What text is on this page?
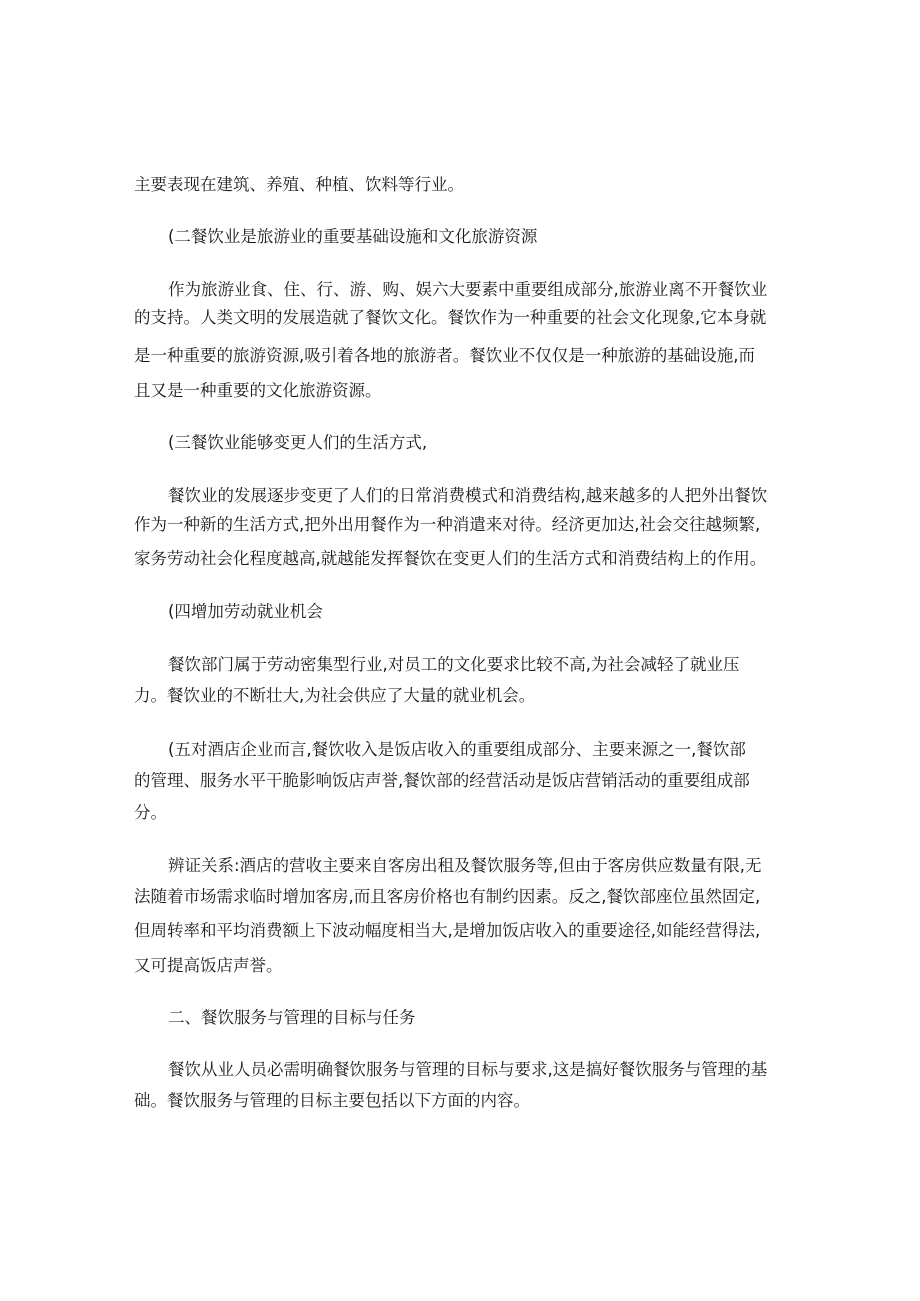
主要表现在建筑、养殖、种植、饮料等行业。
(二餐饮业是旅游业的重要基础设施和文化旅游资源
作为旅游业食、住、行、游、购、娱六大要素中重要组成部分,旅游业离不开餐饮业
的支持。人类文明的发展造就了餐饮文化。餐饮作为一种重要的社会文化现象,它本身就
是一种重要的旅游资源,吸引着各地的旅游者。餐饮业不仅仅是一种旅游的基础设施,而
且又是一种重要的文化旅游资源。
(三餐饮业能够变更人们的生活方式,
餐饮业的发展逐步变更了人们的日常消费模式和消费结构,越来越多的人把外出餐饮
作为一种新的生活方式,把外出用餐作为一种消遣来对待。经济更加达,社会交往越频繁,
家务劳动社会化程度越高,就越能发挥餐饮在变更人们的生活方式和消费结构上的作用。
(四增加劳动就业机会
餐饮部门属于劳动密集型行业,对员工的文化要求比较不高,为社会减轻了就业压
力。餐饮业的不断壮大,为社会供应了大量的就业机会。
(五对酒店企业而言,餐饮收入是饭店收入的重要组成部分、主要来源之一,餐饮部
的管理、服务水平干脆影响饭店声誉,餐饮部的经营活动是饭店营销活动的重要组成部
分。
辨证关系:酒店的营收主要来自客房出租及餐饮服务等,但由于客房供应数量有限,无
法随着市场需求临时增加客房,而且客房价格也有制约因素。反之,餐饮部座位虽然固定,
但周转率和平均消费额上下波动幅度相当大,是增加饭店收入的重要途径,如能经营得法,
又可提高饭店声誉。
二、餐饮服务与管理的目标与任务
餐饮从业人员必需明确餐饮服务与管理的目标与要求,这是搞好餐饮服务与管理的基
础。餐饮服务与管理的目标主要包括以下方面的内容。
